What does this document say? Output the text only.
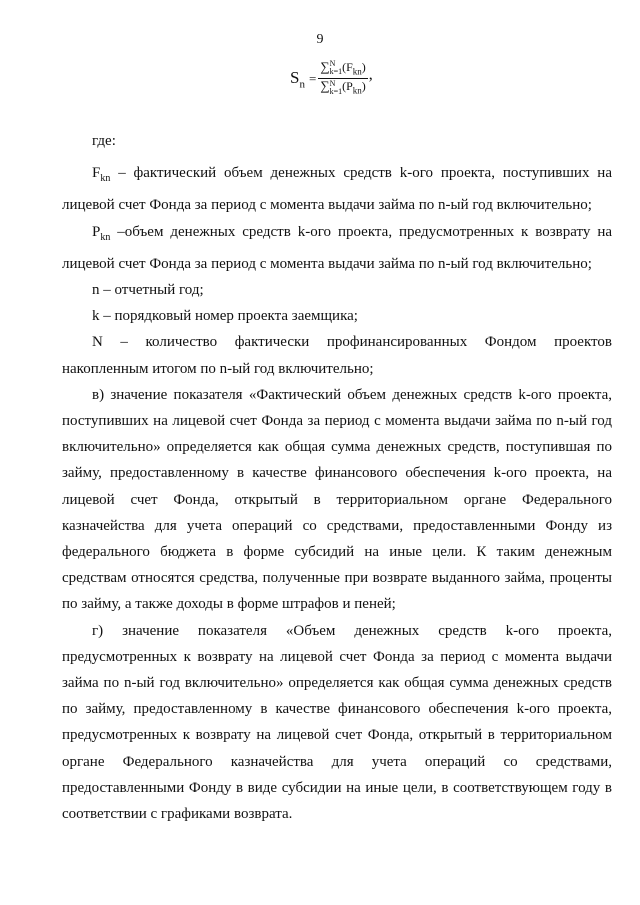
9
$S_n$ = ∑ N
k=1 $(F_{kn})$
∑ N
k=1 $(P_{kn})$ ,

где:

$F_{kn}$ – фактический объем денежных средств k-ого проекта, поступивших на лицевой счет Фонда за период с момента выдачи займа по n-ый год включительно;

$P_{kn}$ –объем денежных средств k-ого проекта, предусмотренных к возврату на лицевой счет Фонда за период с момента выдачи займа по n-ый год включительно;

n – отчетный год;

k – порядковый номер проекта заемщика;

N – количество фактически профинансированных Фондом проектов накопленным итогом по n-ый год включительно;

в) значение показателя «Фактический объем денежных средств k-ого проекта, поступивших на лицевой счет Фонда за период с момента выдачи займа по n-ый год включительно» определяется как общая сумма денежных средств, поступившая по займу, предоставленному в качестве финансового обеспечения k-ого проекта, на лицевой счет Фонда, открытый в территориальном органе Федерального казначейства для учета операций со средствами, предоставленными Фонду из федерального бюджета в форме субсидий на иные цели. К таким денежным средствам относятся средства, полученные при возврате выданного займа, проценты по займу, а также доходы в форме штрафов и пеней;

г) значение показателя «Объем денежных средств k-ого проекта, предусмотренных к возврату на лицевой счет Фонда за период с момента выдачи займа по n-ый год включительно» определяется как общая сумма денежных средств по займу, предоставленному в качестве финансового обеспечения k-ого проекта, предусмотренных к возврату на лицевой счет Фонда, открытый в территориальном органе Федерального казначейства для учета операций со средствами, предоставленными Фонду в виде субсидии на иные цели, в соответствующем году в соответствии с графиками возврата.
